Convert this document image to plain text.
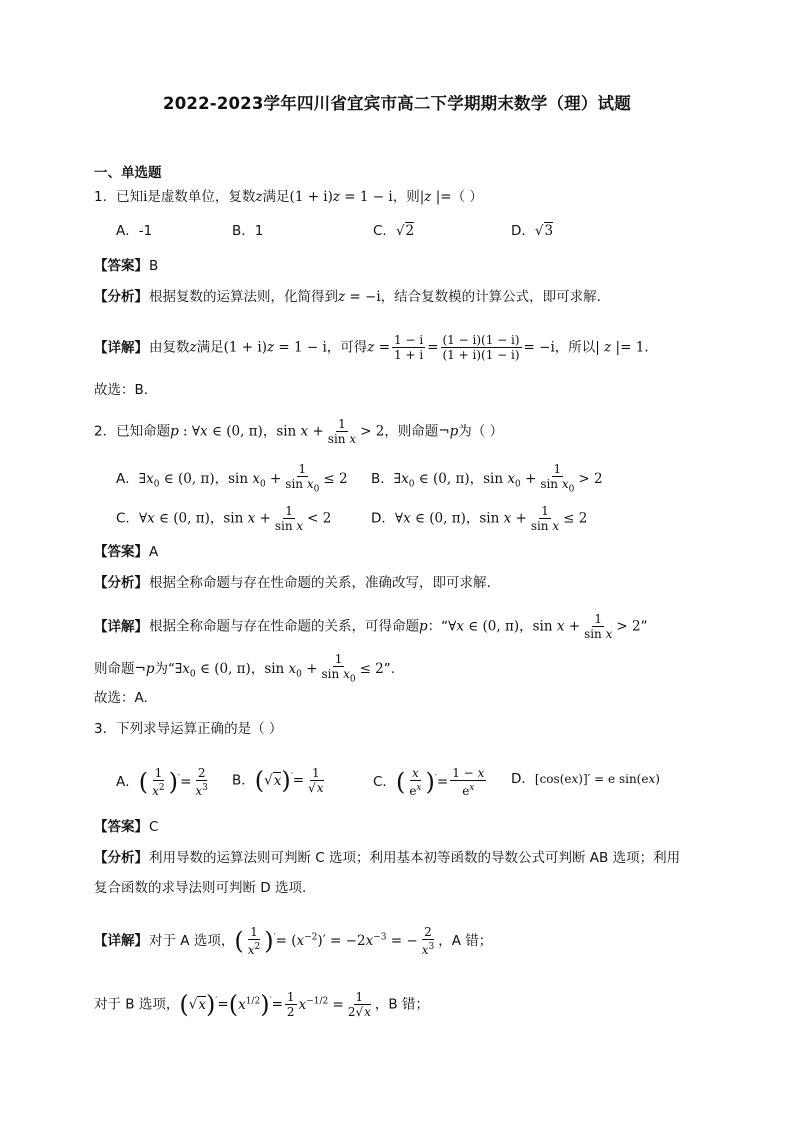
2022-2023学年四川省宜宾市高二下学期期末数学（理）试题
一、单选题
1．已知i是虚数单位，复数z满足(1 + i)z = 1 − i，则|z |=（ ）
A．-1	B．1	C．√2	D．√3
【答案】B
【分析】根据复数的运算法则，化简得到z = −i，结合复数模的计算公式，即可求解.
【详解】由复数z满足(1 + i)z = 1 − i，可得$z = \frac{1 - i}{1 + i} = \frac{(1 - i)(1 - i)}{(1 + i)(1 - i)} = -i$，所以| z |= 1.
故选：B.
2．已知命题p : ∀x ∈ (0, π)，$\sin x + \frac{1}{\text{sin x}} > 2$，则命题¬p为（ ）
A．$\exists x_0$ ∈ (0, π)，$\sin x_0 + \frac{1}{\sin x_0} \le 2$ B．$\exists x_0$ ∈ (0, π)，$\sin x_0 + \frac{1}{\sin x_0} > 2$
C．∀x ∈ (0, π)，$\sin x + \frac{1}{\text{sin x}} < 2$	D．∀x ∈ (0, π)，$\sin x + \frac{1}{\text{sin x}} \le 2$
【答案】A
【分析】根据全称命题与存在性命题的关系，准确改写，即可求解.
【详解】根据全称命题与存在性命题的关系，可得命题p：“∀x ∈ (0, π)，$\sin x + \frac{1}{\text{sin x}} > 2$”
则命题¬p为“$\exists x_0$ ∈ (0, π)，$\sin x_0 + \frac{1}{\sin x_0} \le 2$”.
故选：A.
3．下列求导运算正确的是（ ）
A．( $\frac{1}{x^2} )'= \frac{2}{x^3}$ B．$(√x)'= \frac{1}{√x}$	C．( $\frac{x}{e^x} )'= \frac{1 - x}{e^x}$ D．[cos(ex)]′ = e sin(ex)
【答案】C
【分析】利用导数的运算法则可判断 C 选项；利用基本初等函数的导数公式可判断 AB 选项；利用
复合函数的求导法则可判断 D 选项.
【详解】对于 A 选项，( $\frac{1}{x^2} )'= (x^{-2})' = -2x^{-3}$ = − $\frac{2}{x^3}$ ，A 错；
对于 B 选项，$(√x)'=(x^{1/2})'= \frac{1}{2} x^{-1/2} = \frac{1}{2√x}$ ，B 错；
